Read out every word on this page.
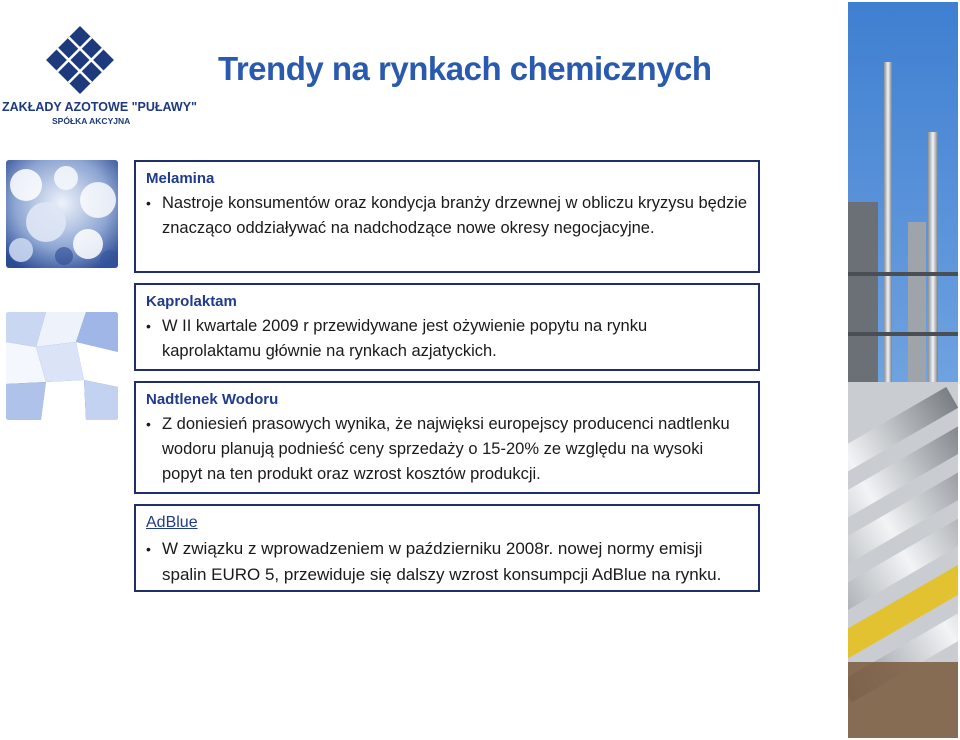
ZAKŁADY AZOTOWE "PUŁAWY"
SPÓŁKA AKCYJNA
Trendy na rynkach chemicznych
Melamina
• Nastroje konsumentów oraz kondycja branży drzewnej w obliczu kryzysu będzie znacząco oddziaływać na nadchodzące nowe okresy negocjacyjne.
Kaprolaktam
• W II kwartale 2009 r przewidywane jest ożywienie popytu na rynku kaprolaktamu głównie na rynkach azjatyckich.
Nadtlenek Wodoru
• Z doniesień prasowych wynika, że najwięksi europejscy producenci nadtlenku wodoru planują podnieść ceny sprzedaży o 15-20% ze względu na wysoki popyt na ten produkt oraz wzrost kosztów produkcji.
AdBlue
• W związku z wprowadzeniem w październiku 2008r. nowej normy emisji spalin EURO 5, przewiduje się dalszy wzrost konsumpcji AdBlue na rynku.
